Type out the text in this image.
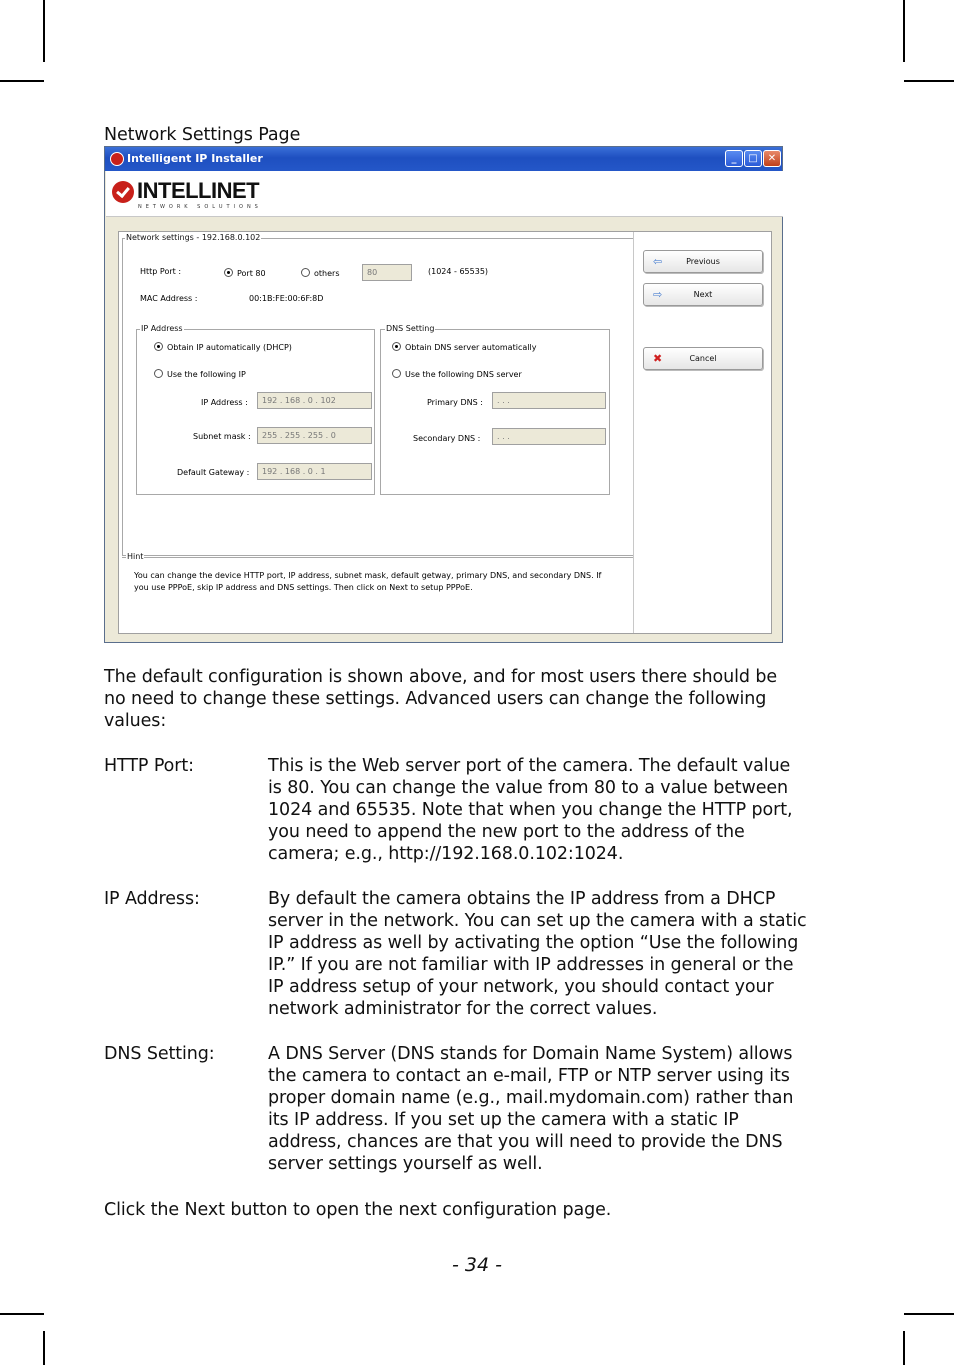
Network Settings Page
Intelligent IP Installer	_	□	✕
INTELLINET
NETWORK SOLUTIONS
Network settings - 192.168.0.102
Http Port :	Port 80	others	80	(1024 - 65535)
MAC Address :	00:1B:FE:00:6F:8D
IP Address
Obtain IP automatically (DHCP)
Use the following IP
IP Address :	192 . 168 . 0 . 102
Subnet mask :	255 . 255 . 255 . 0
Default Gateway :	192 . 168 . 0 . 1
DNS Setting
Obtain DNS server automatically
Use the following DNS server
Primary DNS :	. . .
Secondary DNS :	. . .
Hint
You can change the device HTTP port, IP address, subnet mask, default getway, primary DNS, and secondary DNS. If
you use PPPoE, skip IP address and DNS settings. Then click on Next to setup PPPoE.
⇦	Previous
⇨	Next
✖	Cancel
The default configuration is shown above, and for most users there should be
no need to change these settings. Advanced users can change the following
values:
HTTP Port:	This is the Web server port of the camera. The default value
is 80. You can change the value from 80 to a value between
1024 and 65535. Note that when you change the HTTP port,
you need to append the new port to the address of the
camera; e.g., http://192.168.0.102:1024.
IP Address:	By default the camera obtains the IP address from a DHCP
server in the network. You can set up the camera with a static
IP address as well by activating the option “Use the following
IP.” If you are not familiar with IP addresses in general or the
IP address setup of your network, you should contact your
network administrator for the correct values.
DNS Setting:	A DNS Server (DNS stands for Domain Name System) allows
the camera to contact an e-mail, FTP or NTP server using its
proper domain name (e.g., mail.mydomain.com) rather than
its IP address. If you set up the camera with a static IP
address, chances are that you will need to provide the DNS
server settings yourself as well.
Click the Next button to open the next configuration page.
- 34 -
